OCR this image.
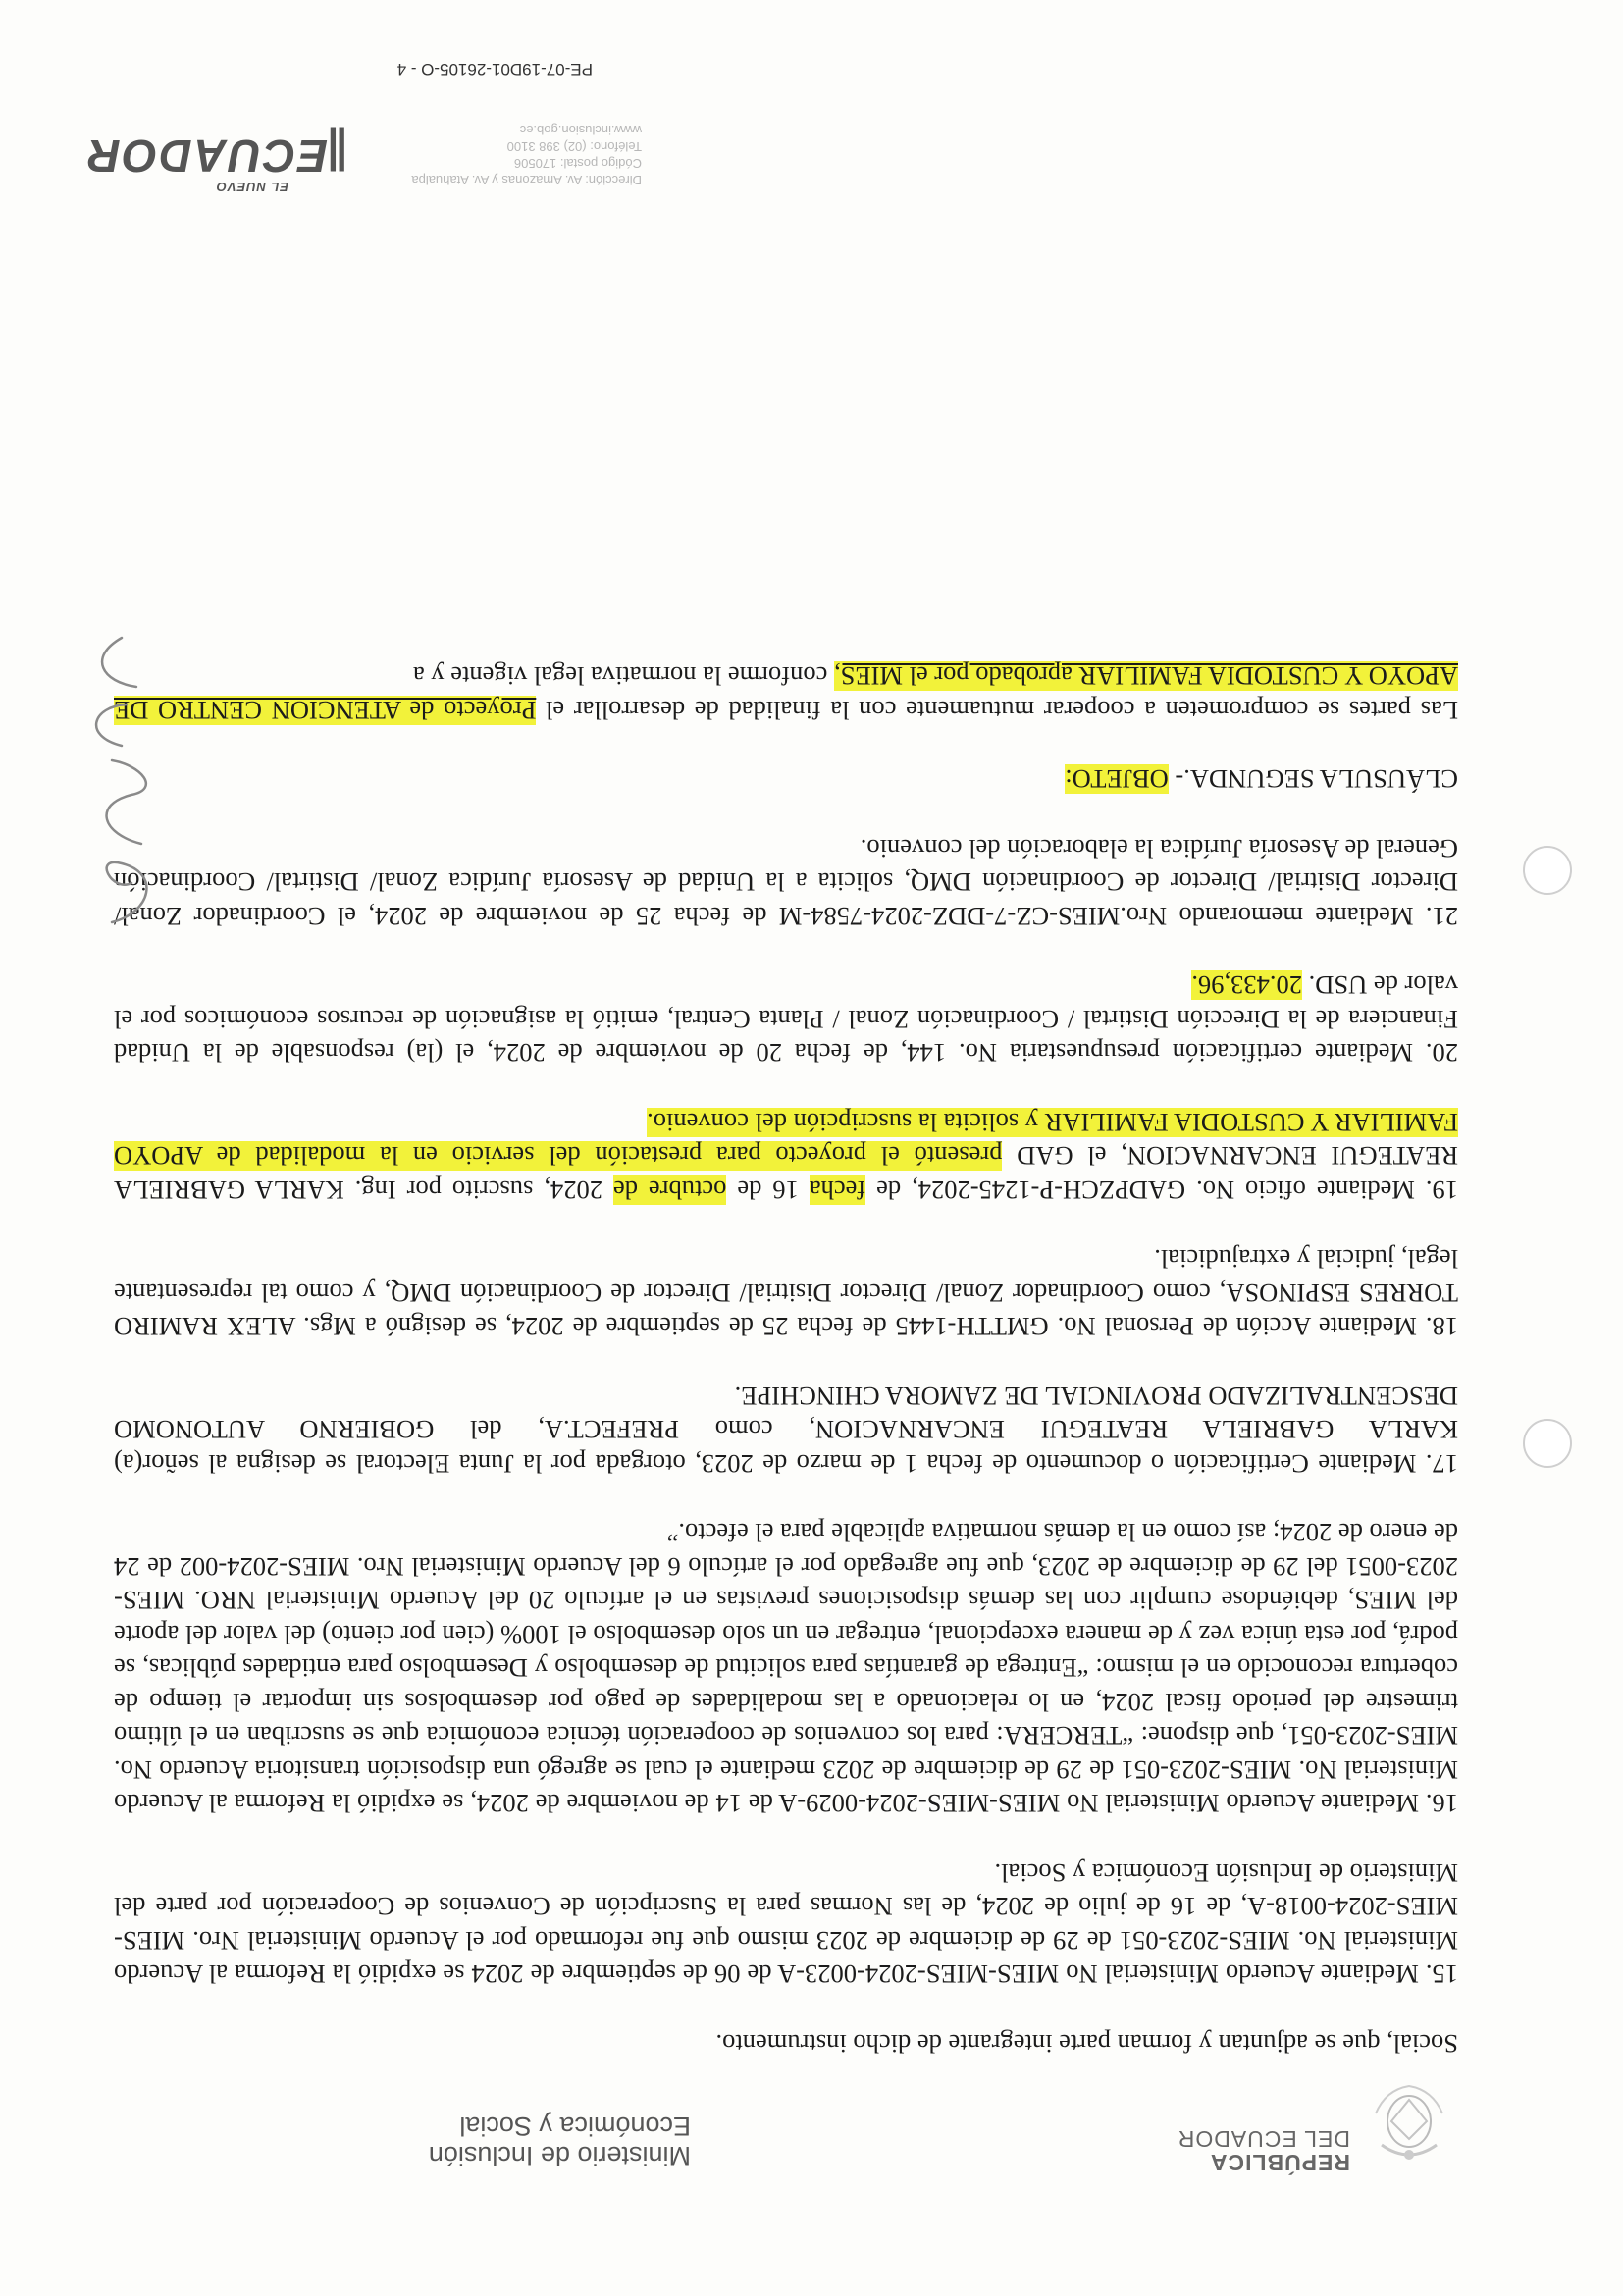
REPÚBLICA
DEL ECUADOR
Ministerio de Inclusión
Económica y Social

Social, que se adjuntan y forman parte integrante de dicho instrumento.

15. Mediante Acuerdo Ministerial No MIES-MIES-2024-0023-A de 06 de septiembre de 2024 se expidió la Reforma al Acuerdo Ministerial No. MIES-2023-051 de 29 de diciembre de 2023 mismo que fue reformado por el Acuerdo Ministerial Nro. MIES-MIES-2024-0018-A, de 16 de julio de 2024, de las Normas para la Suscripción de Convenios de Cooperación por parte del Ministerio de Inclusión Económica y Social.

16. Mediante Acuerdo Ministerial No MIES-MIES-2024-0029-A de 14 de noviembre de 2024, se expidió la Reforma al Acuerdo Ministerial No. MIES-2023-051 de 29 de diciembre de 2023 mediante el cual se agregó una disposición transitoria Acuerdo No. MIES-2023-051, que dispone: “TERCERA: para los convenios de cooperación técnica económica que se suscriban en el último trimestre del periodo fiscal 2024, en lo relacionado a las modalidades de pago por desembolsos sin importar el tiempo de cobertura reconocido en el mismo: “Entrega de garantías para solicitud de desembolso y Desembolso para entidades públicas, se podrá, por esta única vez y de manera excepcional, entregar en un solo desembolso el 100% (cien por ciento) del valor del aporte del MIES, debiéndose cumplir con las demás disposiciones previstas en el artículo 20 del Acuerdo Ministerial NRO. MIES-2023-0051 del 29 de diciembre de 2023, que fue agregado por el artículo 6 del Acuerdo Ministerial Nro. MIES-2024-002 de 24 de enero de 2024; así como en la demás normativa aplicable para el efecto.”

17. Mediante Certificación o documento de fecha 1 de marzo de 2023, otorgada por la Junta Electoral se designa al señor(a) KARLA GABRIELA REATEGUI ENCARNACION, como PREFECT.A, del GOBIERNO AUTONOMO DESCENTRALIZADO PROVINCIAL DE ZAMORA CHINCHIPE.

18. Mediante Acción de Personal No. GMTTH-1445 de fecha 25 de septiembre de 2024, se designó a Mgs. ALEX RAMIRO TORRES ESPINOSA, como Coordinador Zonal/ Director Disitrial/ Director de Coordinación DMQ, y como tal representante legal, judicial y extrajudicial.

19. Mediante oficio No. GADPZCH-P-1245-2024, de fecha 16 de octubre de 2024, suscrito por Ing. KARLA GABRIELA REATEGUI ENCARNACION, el GAD presentó el proyecto para prestación del servicio en la modalidad de APOYO FAMILIAR Y CUSTODIA FAMILIAR y solicita la suscripción del convenio.

20. Mediante certificación presupuestaria No. 144, de fecha 20 de noviembre de 2024, el (la) responsable de la Unidad Financiera de la Dirección Distirtal / Coordinación Zonal / Planta Central, emitió la asignación de recursos económicos por el valor de USD. 20.433,96.

21. Mediante memorando Nro.MIES-CZ-7-DDZ-2024-7584-M de fecha 25 de noviembre de 2024, el Coordinador Zonal/ Director Disitrial/ Director de Coordinación DMQ, solicita a la Unidad de Asesoría Jurídica Zonal/ Distirtal/ Coordinación General de Asesoría Jurídica la elaboración del convenio.

CLÁUSULA SEGUNDA.- OBJETO:

Las partes se comprometen a cooperar mutuamente con la finalidad de desarrollar el Proyecto de ATENCION CENTRO DE APOYO Y CUSTODIA FAMILIAR aprobado por el MIES, conforme la normativa legal vigente y a

Dirección: Av. Amazonas y Av. Atahualpa
Código postal: 170506
Teléfono: (02) 398 3100
www.inclusion.gob.ec
EL NUEVO
ECUADOR ∥
PE-07-19D01-26105-O - 4
